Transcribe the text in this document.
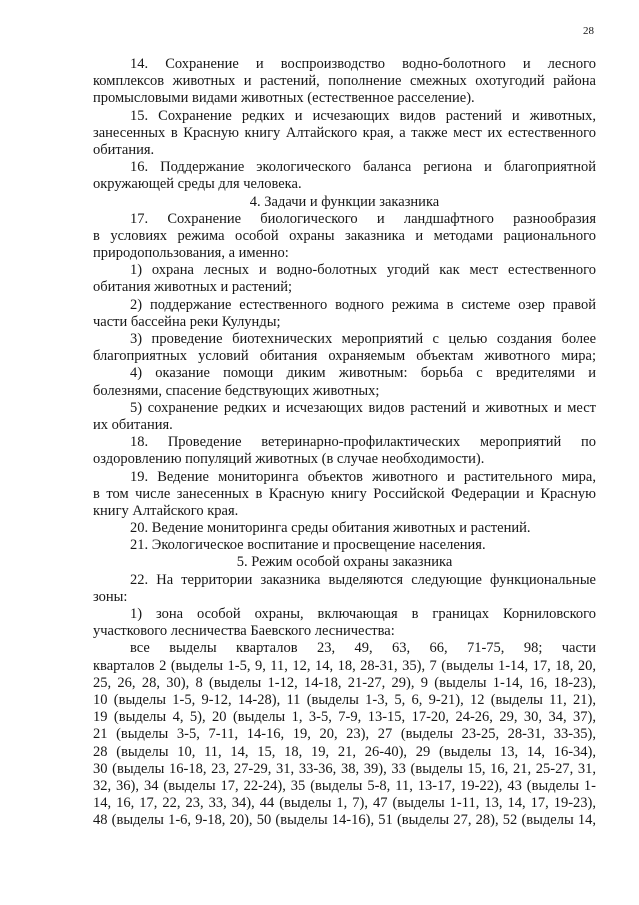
28
14. Сохранение и воспроизводство водно-болотного и лесного
комплексов животных и растений, пополнение смежных охотугодий района
промысловыми видами животных (естественное расселение).
15. Сохранение редких и исчезающих видов растений и животных,
занесенных в Красную книгу Алтайского края, а также мест их естественного
обитания.
16. Поддержание экологического баланса региона и благоприятной
окружающей среды для человека.
4. Задачи и функции заказника
17. Сохранение биологического и ландшафтного разнообразия
в условиях режима особой охраны заказника и методами рационального
природопользования, а именно:
1) охрана лесных и водно-болотных угодий как мест естественного
обитания животных и растений;
2) поддержание естественного водного режима в системе озер правой
части бассейна реки Кулунды;
3) проведение биотехнических мероприятий с целью создания более
благоприятных условий обитания охраняемым объектам животного мира;
4) оказание помощи диким животным: борьба с вредителями и
болезнями, спасение бедствующих животных;
5) сохранение редких и исчезающих видов растений и животных и мест
их обитания.
18. Проведение ветеринарно-профилактических мероприятий по
оздоровлению популяций животных (в случае необходимости).
19. Ведение мониторинга объектов животного и растительного мира,
в том числе занесенных в Красную книгу Российской Федерации и Красную
книгу Алтайского края.
20. Ведение мониторинга среды обитания животных и растений.
21. Экологическое воспитание и просвещение населения.
5. Режим особой охраны заказника
22. На территории заказника выделяются следующие функциональные
зоны:
1) зона особой охраны, включающая в границах Корниловского
участкового лесничества Баевского лесничества:
все выделы кварталов 23, 49, 63, 66, 71-75, 98; части
кварталов 2 (выделы 1-5, 9, 11, 12, 14, 18, 28-31, 35), 7 (выделы 1-14, 17, 18, 20,
25, 26, 28, 30), 8 (выделы 1-12, 14-18, 21-27, 29), 9 (выделы 1-14, 16, 18-23),
10 (выделы 1-5, 9-12, 14-28), 11 (выделы 1-3, 5, 6, 9-21), 12 (выделы 11, 21),
19 (выделы 4, 5), 20 (выделы 1, 3-5, 7-9, 13-15, 17-20, 24-26, 29, 30, 34, 37),
21 (выделы 3-5, 7-11, 14-16, 19, 20, 23), 27 (выделы 23-25, 28-31, 33-35),
28 (выделы 10, 11, 14, 15, 18, 19, 21, 26-40), 29 (выделы 13, 14, 16-34),
30 (выделы 16-18, 23, 27-29, 31, 33-36, 38, 39), 33 (выделы 15, 16, 21, 25-27, 31,
32, 36), 34 (выделы 17, 22-24), 35 (выделы 5-8, 11, 13-17, 19-22), 43 (выделы 1-
14, 16, 17, 22, 23, 33, 34), 44 (выделы 1, 7), 47 (выделы 1-11, 13, 14, 17, 19-23),
48 (выделы 1-6, 9-18, 20), 50 (выделы 14-16), 51 (выделы 27, 28), 52 (выделы 14,
